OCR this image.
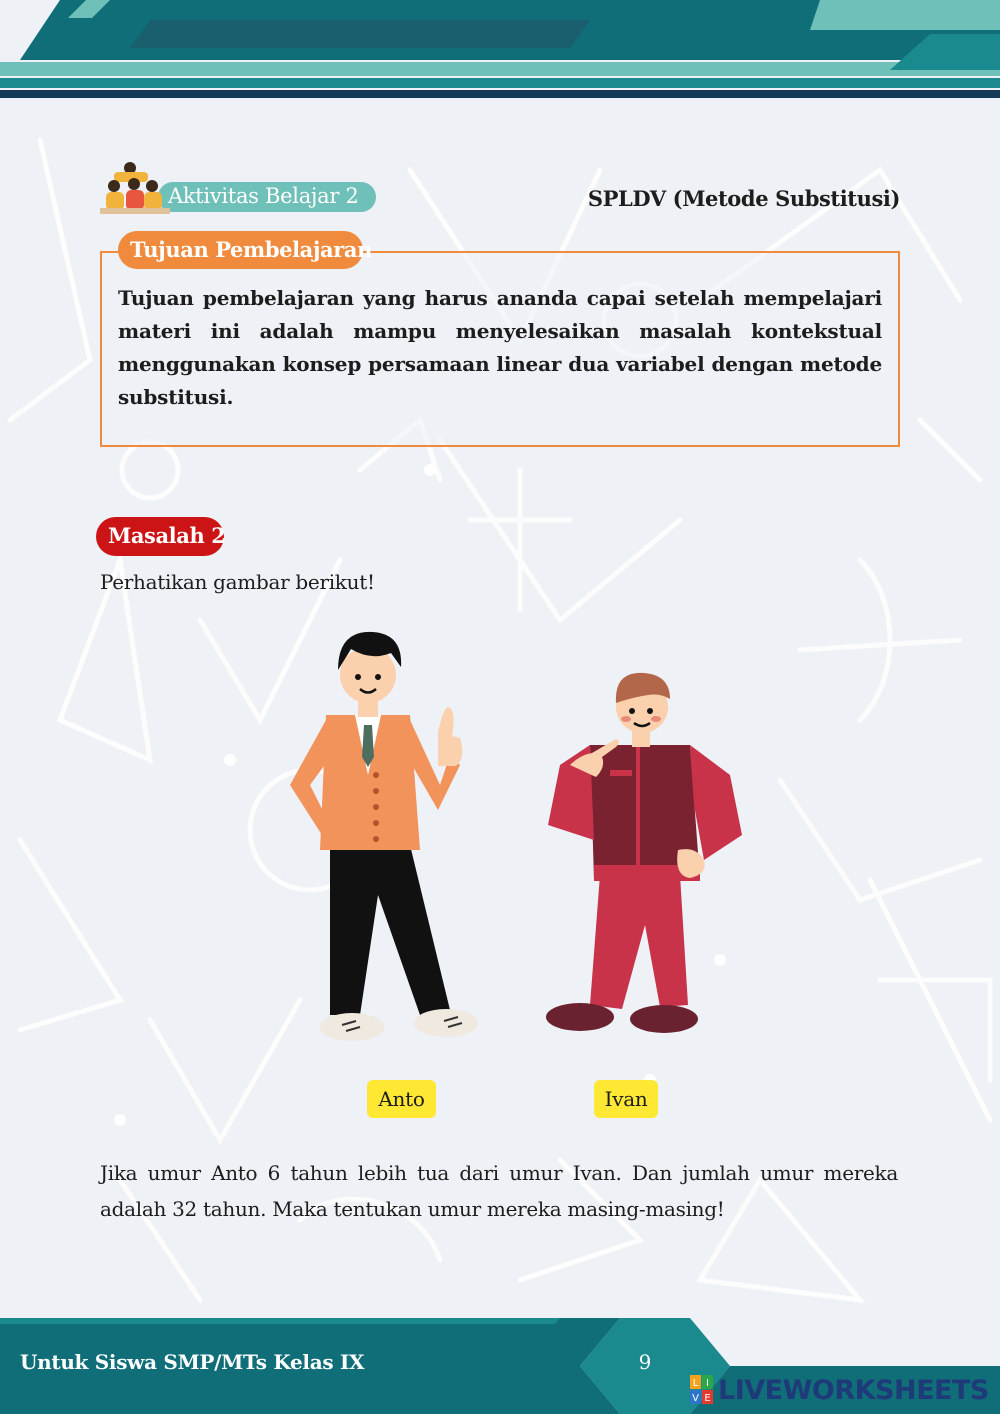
Aktivitas Belajar 2	SPLDV (Metode Substitusi)
Tujuan Pembelajaran
Tujuan pembelajaran yang harus ananda capai setelah mempelajari materi ini adalah mampu menyelesaikan masalah kontekstual menggunakan konsep persamaan linear dua variabel dengan metode substitusi.
Masalah 2
Perhatikan gambar berikut!
Anto	Ivan
Jika umur Anto 6 tahun lebih tua dari umur Ivan. Dan jumlah umur mereka adalah 32 tahun. Maka tentukan umur mereka masing-masing!
Untuk Siswa SMP/MTs Kelas IX	9
L I
V E LIVEWORKSHEETS
